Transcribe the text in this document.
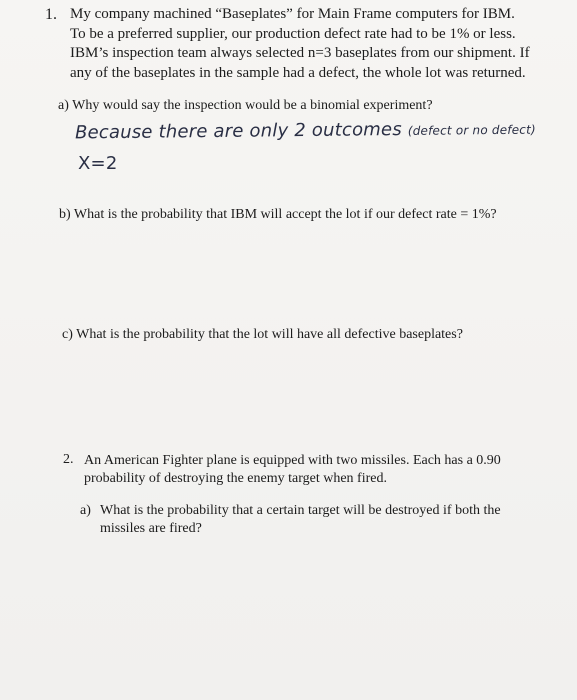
1. My company machined “Baseplates” for Main Frame computers for IBM.
To be a preferred supplier, our production defect rate had to be 1% or less.
IBM’s inspection team always selected n=3 baseplates from our shipment. If
any of the baseplates in the sample had a defect, the whole lot was returned.
a) Why would say the inspection would be a binomial experiment?
Because there are only 2 outcomes (defect or no defect)
X=2
b) What is the probability that IBM will accept the lot if our defect rate = 1%?
c) What is the probability that the lot will have all defective baseplates?
2. An American Fighter plane is equipped with two missiles. Each has a 0.90
probability of destroying the enemy target when fired.
a) What is the probability that a certain target will be destroyed if both the
missiles are fired?
